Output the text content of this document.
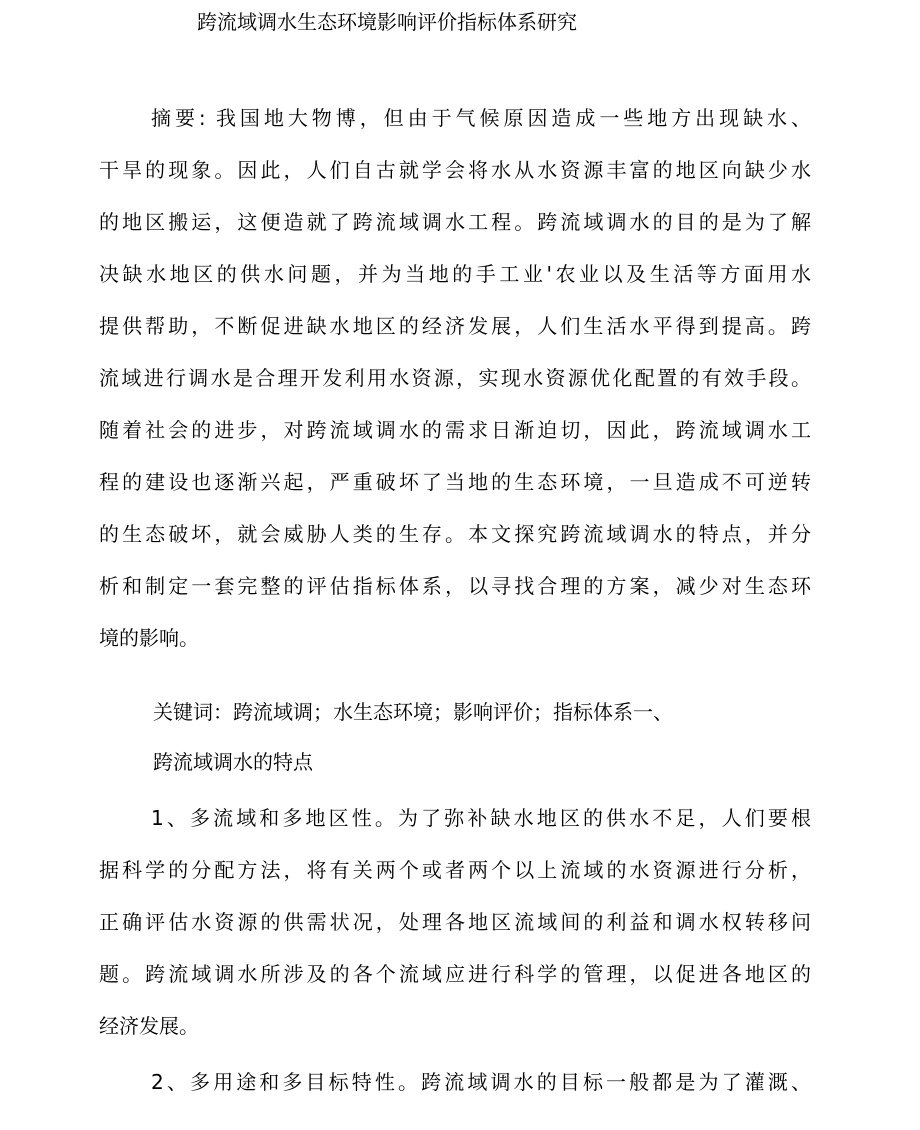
跨流域调水生态环境影响评价指标体系研究
摘要: 我国地大物博，但由于气候原因造成一些地方出现缺水、
干旱的现象。因此，人们自古就学会将水从水资源丰富的地区向缺少水
的地区搬运，这便造就了跨流域调水工程。跨流域调水的目的是为了解
决缺水地区的供水问题，并为当地的手工业'农业以及生活等方面用水
提供帮助，不断促进缺水地区的经济发展，人们生活水平得到提高。跨
流域进行调水是合理开发利用水资源，实现水资源优化配置的有效手段。
随着社会的进步，对跨流域调水的需求日渐迫切，因此，跨流域调水工
程的建设也逐渐兴起，严重破坏了当地的生态环境，一旦造成不可逆转
的生态破坏，就会威胁人类的生存。本文探究跨流域调水的特点，并分
析和制定一套完整的评估指标体系，以寻找合理的方案，减少对生态环
境的影响。
关键词：跨流域调；水生态环境；影响评价；指标体系一、
跨流域调水的特点
1、多流域和多地区性。为了弥补缺水地区的供水不足，人们要根
据科学的分配方法，将有关两个或者两个以上流域的水资源进行分析，
正确评估水资源的供需状况，处理各地区流域间的利益和调水权转移问
题。跨流域调水所涉及的各个流域应进行科学的管理，以促进各地区的
经济发展。
2、多用途和多目标特性。跨流域调水的目标一般都是为了灌溉、
